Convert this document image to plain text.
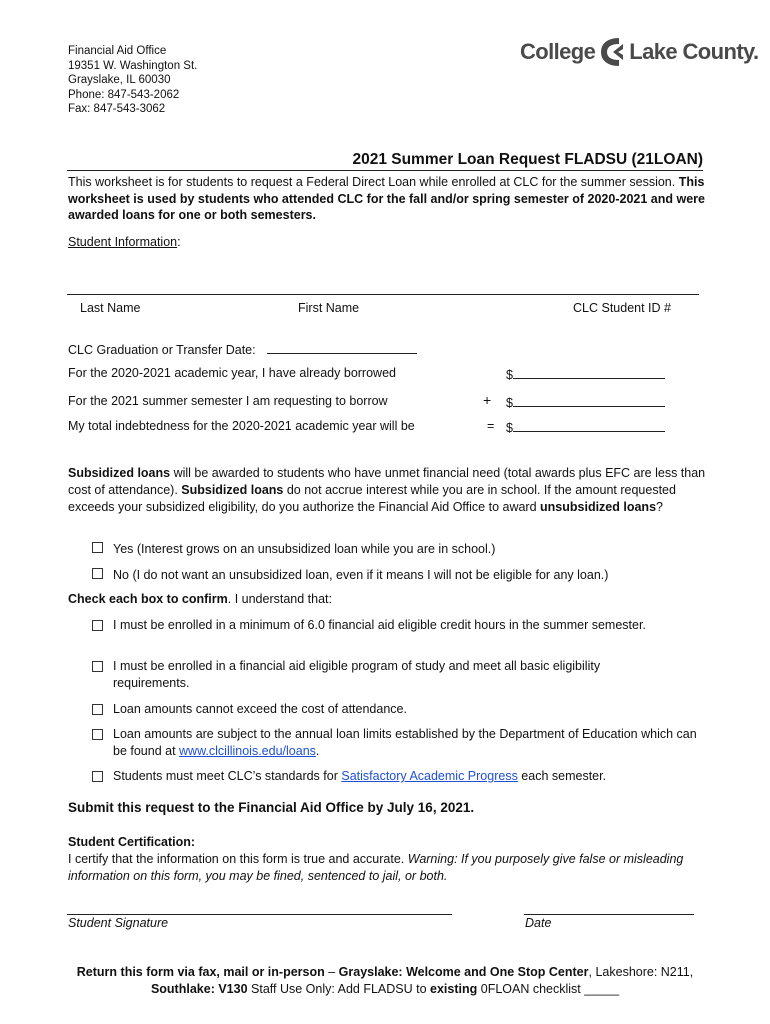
Financial Aid Office
19351 W. Washington St.
Grayslake, IL 60030
Phone: 847-543-2062
Fax: 847-543-3062
College Lake County.
2021 Summer Loan Request FLADSU (21LOAN)
This worksheet is for students to request a Federal Direct Loan while enrolled at CLC for the summer session. This worksheet is used by students who attended CLC for the fall and/or spring semester of 2020-2021 and were awarded loans for one or both semesters.
Student Information:
Last Name	First Name	CLC Student ID #
CLC Graduation or Transfer Date:
For the 2020-2021 academic year, I have already borrowed	$
For the 2021 summer semester I am requesting to borrow	+ $
My total indebtedness for the 2020-2021 academic year will be	= $
Subsidized loans will be awarded to students who have unmet financial need (total awards plus EFC are less than cost of attendance). Subsidized loans do not accrue interest while you are in school. If the amount requested exceeds your subsidized eligibility, do you authorize the Financial Aid Office to award unsubsidized loans?
Yes (Interest grows on an unsubsidized loan while you are in school.)
No (I do not want an unsubsidized loan, even if it means I will not be eligible for any loan.)
Check each box to confirm. I understand that:
I must be enrolled in a minimum of 6.0 financial aid eligible credit hours in the summer semester.
I must be enrolled in a financial aid eligible program of study and meet all basic eligibility requirements.
Loan amounts cannot exceed the cost of attendance.
Loan amounts are subject to the annual loan limits established by the Department of Education which can be found at www.clcillinois.edu/loans.
Students must meet CLC’s standards for Satisfactory Academic Progress each semester.
Submit this request to the Financial Aid Office by July 16, 2021.
Student Certification:
I certify that the information on this form is true and accurate. Warning: If you purposely give false or misleading information on this form, you may be fined, sentenced to jail, or both.
Student Signature	Date
Return this form via fax, mail or in-person – Grayslake: Welcome and One Stop Center, Lakeshore: N211,
Southlake: V130 Staff Use Only: Add FLADSU to existing 0FLOAN checklist _____
